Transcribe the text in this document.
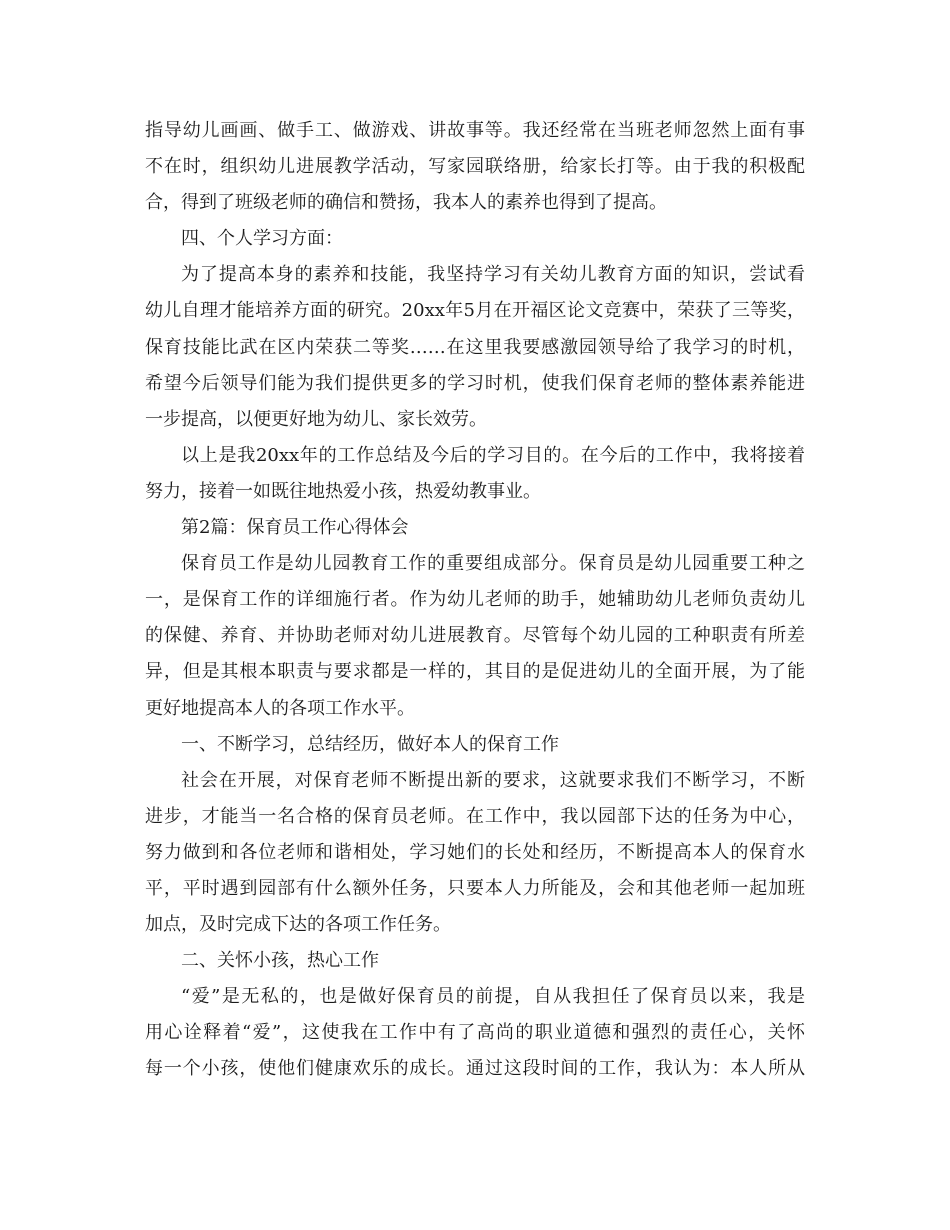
指导幼儿画画、做手工、做游戏、讲故事等。我还经常在当班老师忽然上面有事
不在时，组织幼儿进展教学活动，写家园联络册，给家长打等。由于我的积极配
合，得到了班级老师的确信和赞扬，我本人的素养也得到了提高。
四、个人学习方面：
为了提高本身的素养和技能，我坚持学习有关幼儿教育方面的知识，尝试看
幼儿自理才能培养方面的研究。20xx年5月在开福区论文竞赛中，荣获了三等奖，
保育技能比武在区内荣获二等奖……在这里我要感激园领导给了我学习的时机，
希望今后领导们能为我们提供更多的学习时机，使我们保育老师的整体素养能进
一步提高，以便更好地为幼儿、家长效劳。
以上是我20xx年的工作总结及今后的学习目的。在今后的工作中，我将接着
努力，接着一如既往地热爱小孩，热爱幼教事业。
第2篇：保育员工作心得体会
保育员工作是幼儿园教育工作的重要组成部分。保育员是幼儿园重要工种之
一，是保育工作的详细施行者。作为幼儿老师的助手，她辅助幼儿老师负责幼儿
的保健、养育、并协助老师对幼儿进展教育。尽管每个幼儿园的工种职责有所差
异，但是其根本职责与要求都是一样的，其目的是促进幼儿的全面开展，为了能
更好地提高本人的各项工作水平。
一、不断学习，总结经历，做好本人的保育工作
社会在开展，对保育老师不断提出新的要求，这就要求我们不断学习，不断
进步，才能当一名合格的保育员老师。在工作中，我以园部下达的任务为中心，
努力做到和各位老师和谐相处，学习她们的长处和经历，不断提高本人的保育水
平，平时遇到园部有什么额外任务，只要本人力所能及，会和其他老师一起加班
加点，及时完成下达的各项工作任务。
二、关怀小孩，热心工作
“爱”是无私的，也是做好保育员的前提，自从我担任了保育员以来，我是
用心诠释着“爱”，这使我在工作中有了高尚的职业道德和强烈的责任心，关怀
每一个小孩，使他们健康欢乐的成长。通过这段时间的工作，我认为：本人所从
